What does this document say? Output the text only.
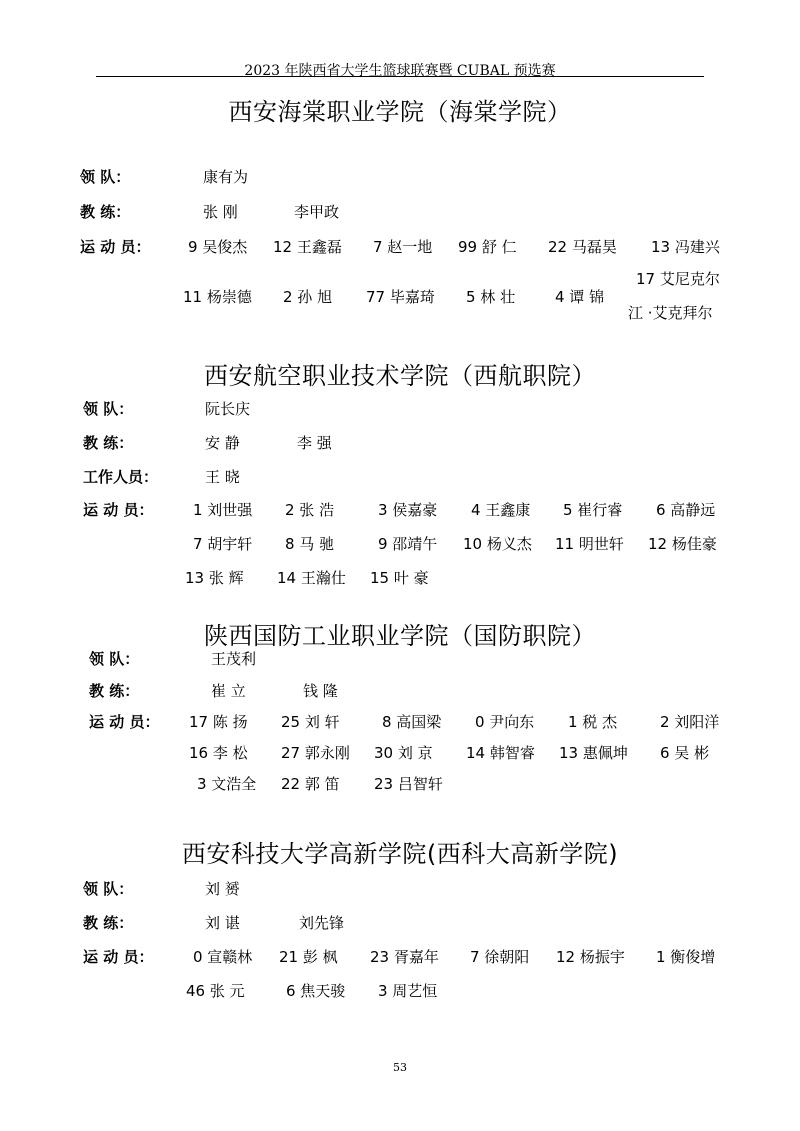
2023 年陕西省大学生篮球联赛暨 CUBAL 预选赛
西安海棠职业学院（海棠学院）
领 队：	康有为
教 练：	张 刚	李甲政
运 动 员：	9 吴俊杰 12 王鑫磊 7 赵一地 99 舒 仁 22 马磊昊 13 冯建兴
11 杨崇德 2 孙 旭 77 毕嘉琦 5 林 壮	4 谭 锦
17 艾尼克尔
江 ·艾克拜尔
西安航空职业技术学院（西航职院）
领 队：	阮长庆
教 练：	安 静	李 强
工作人员：	王 晓
运 动 员：	1 刘世强 2 张 浩	3 侯嘉豪 4 王鑫康 5 崔行睿 6 高静远
7 胡宇轩 8 马 驰	9 邵靖午 10 杨义杰 11 明世轩 12 杨佳豪
13 张 辉 14 王瀚仕 15 叶 豪
陕西国防工业职业学院（国防职院）
领 队：	王茂利
教 练：	崔 立	钱 隆
运 动 员： 17 陈 扬 25 刘 轩	8 高国梁 0 尹向东 1 税 杰	2 刘阳洋
16 李 松 27 郭永刚 30 刘 京 14 韩智睿 13 惠佩坤 6 吴 彬
3 文浩全 22 郭 笛 23 吕智轩
西安科技大学高新学院(西科大高新学院)
领 队：	刘 赟
教 练：	刘 谌	刘先锋
运 动 员：	0 宣赣林 21 彭 枫 23 胥嘉年 7 徐朝阳 12 杨振宇 1 衡俊增
46 张 元	6 焦天骏 3 周艺恒
53
